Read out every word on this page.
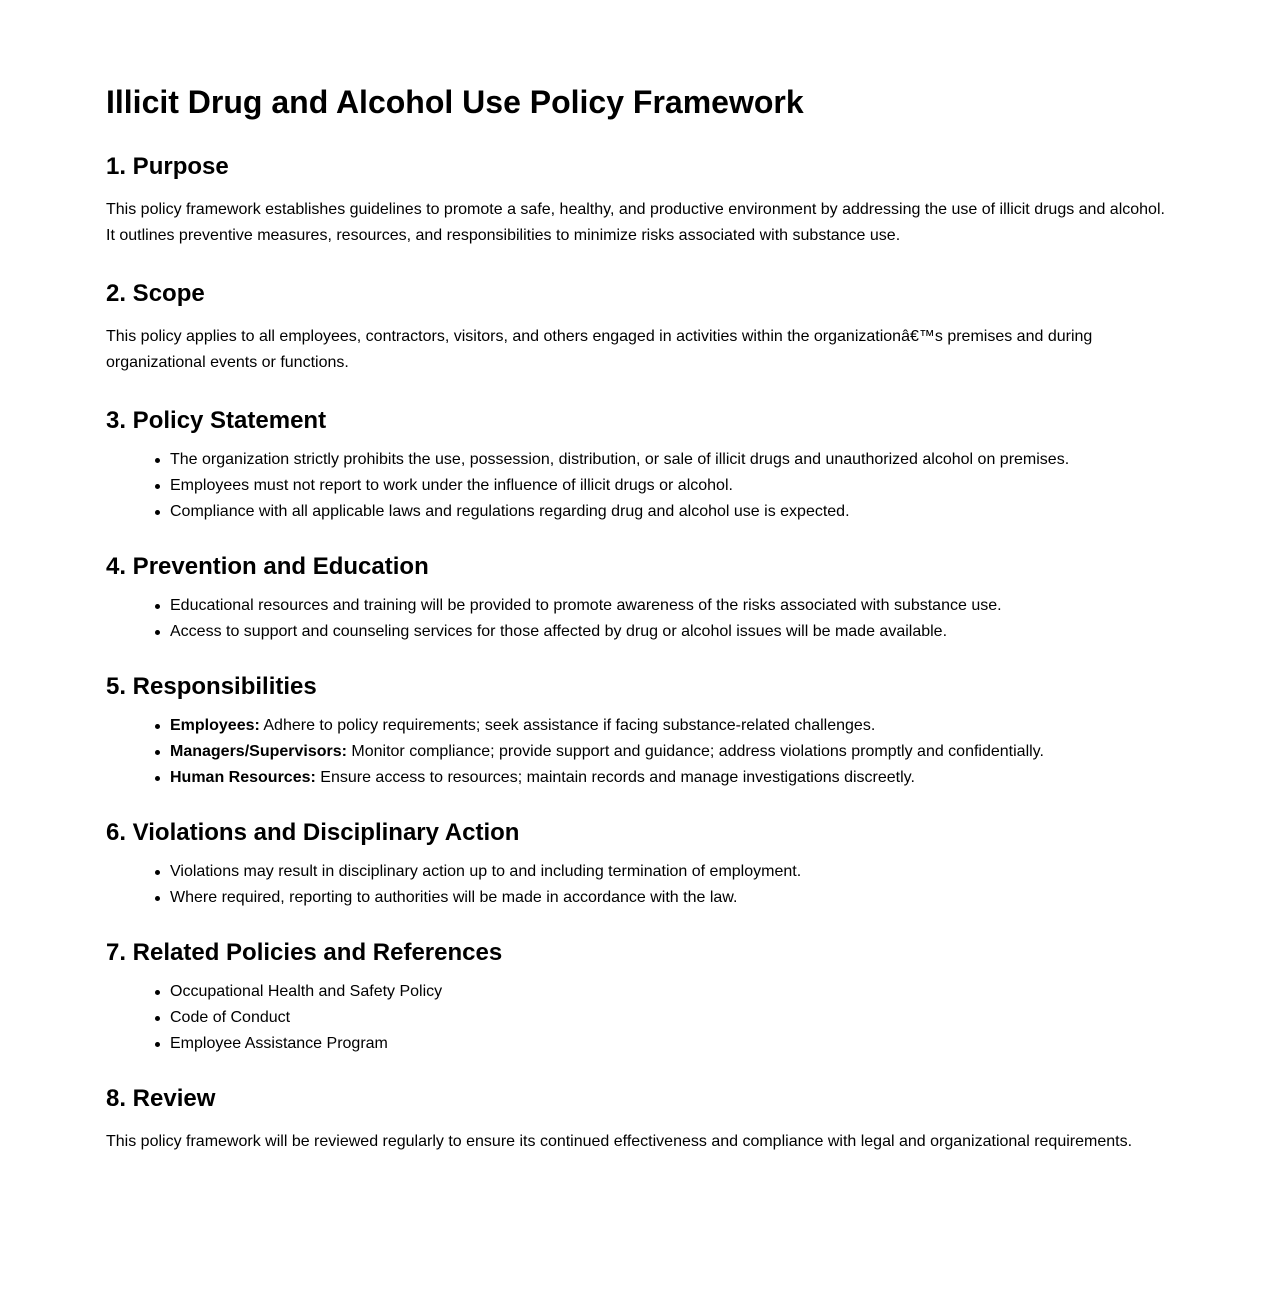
Illicit Drug and Alcohol Use Policy Framework
1. Purpose

This policy framework establishes guidelines to promote a safe, healthy, and productive environment by addressing the use of illicit drugs and alcohol.
It outlines preventive measures, resources, and responsibilities to minimize risks associated with substance use.

2. Scope

This policy applies to all employees, contractors, visitors, and others engaged in activities within the organizationâ€™s premises and during
organizational events or functions.

3. Policy Statement
The organization strictly prohibits the use, possession, distribution, or sale of illicit drugs and unauthorized alcohol on premises.
Employees must not report to work under the influence of illicit drugs or alcohol.
Compliance with all applicable laws and regulations regarding drug and alcohol use is expected.
4. Prevention and Education
Educational resources and training will be provided to promote awareness of the risks associated with substance use.
Access to support and counseling services for those affected by drug or alcohol issues will be made available.
5. Responsibilities
Employees: Adhere to policy requirements; seek assistance if facing substance-related challenges.
Managers/Supervisors: Monitor compliance; provide support and guidance; address violations promptly and confidentially.
Human Resources: Ensure access to resources; maintain records and manage investigations discreetly.
6. Violations and Disciplinary Action
Violations may result in disciplinary action up to and including termination of employment.
Where required, reporting to authorities will be made in accordance with the law.
7. Related Policies and References
Occupational Health and Safety Policy
Code of Conduct
Employee Assistance Program
8. Review

This policy framework will be reviewed regularly to ensure its continued effectiveness and compliance with legal and organizational requirements.
